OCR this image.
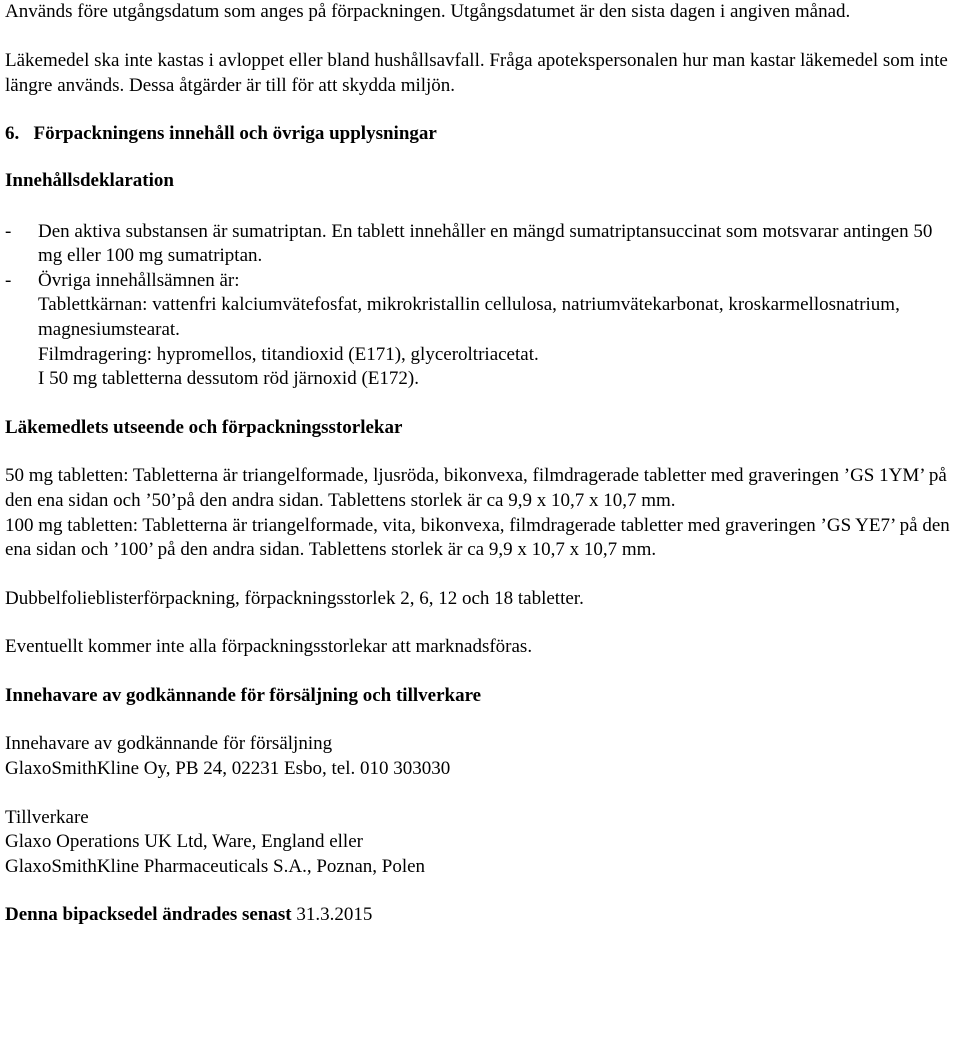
Används före utgångsdatum som anges på förpackningen. Utgångsdatumet är den sista dagen i angiven månad.

Läkemedel ska inte kastas i avloppet eller bland hushållsavfall. Fråga apotekspersonalen hur man kastar läkemedel som inte längre används. Dessa åtgärder är till för att skydda miljön.

6.   Förpackningens innehåll och övriga upplysningar

Innehållsdeklaration

-	Den aktiva substansen är sumatriptan. En tablett innehåller en mängd sumatriptansuccinat som motsvarar antingen 50 mg eller 100 mg sumatriptan.
-	Övriga innehållsämnen är:

Tablettkärnan: vattenfri kalciumvätefosfat, mikrokristallin cellulosa, natriumvätekarbonat, kroskarmellosnatrium, magnesiumstearat.

Filmdragering: hypromellos, titandioxid (E171), glyceroltriacetat.

I 50 mg tabletterna dessutom röd järnoxid (E172).

Läkemedlets utseende och förpackningsstorlekar

50 mg tabletten: Tabletterna är triangelformade, ljusröda, bikonvexa, filmdragerade tabletter med graveringen ’GS 1YM’ på den ena sidan och ’50’på den andra sidan. Tablettens storlek är ca 9,9 x 10,7 x 10,7 mm.

100 mg tabletten: Tabletterna är triangelformade, vita, bikonvexa, filmdragerade tabletter med graveringen ’GS YE7’ på den ena sidan och ’100’ på den andra sidan. Tablettens storlek är ca 9,9 x 10,7 x 10,7 mm.

Dubbelfolieblisterförpackning, förpackningsstorlek 2, 6, 12 och 18 tabletter.

Eventuellt kommer inte alla förpackningsstorlekar att marknadsföras.

Innehavare av godkännande för försäljning och tillverkare

Innehavare av godkännande för försäljning

GlaxoSmithKline Oy, PB 24, 02231 Esbo, tel. 010 303030

Tillverkare

Glaxo Operations UK Ltd, Ware, England eller

GlaxoSmithKline Pharmaceuticals S.A., Poznan, Polen

Denna bipacksedel ändrades senast 31.3.2015
